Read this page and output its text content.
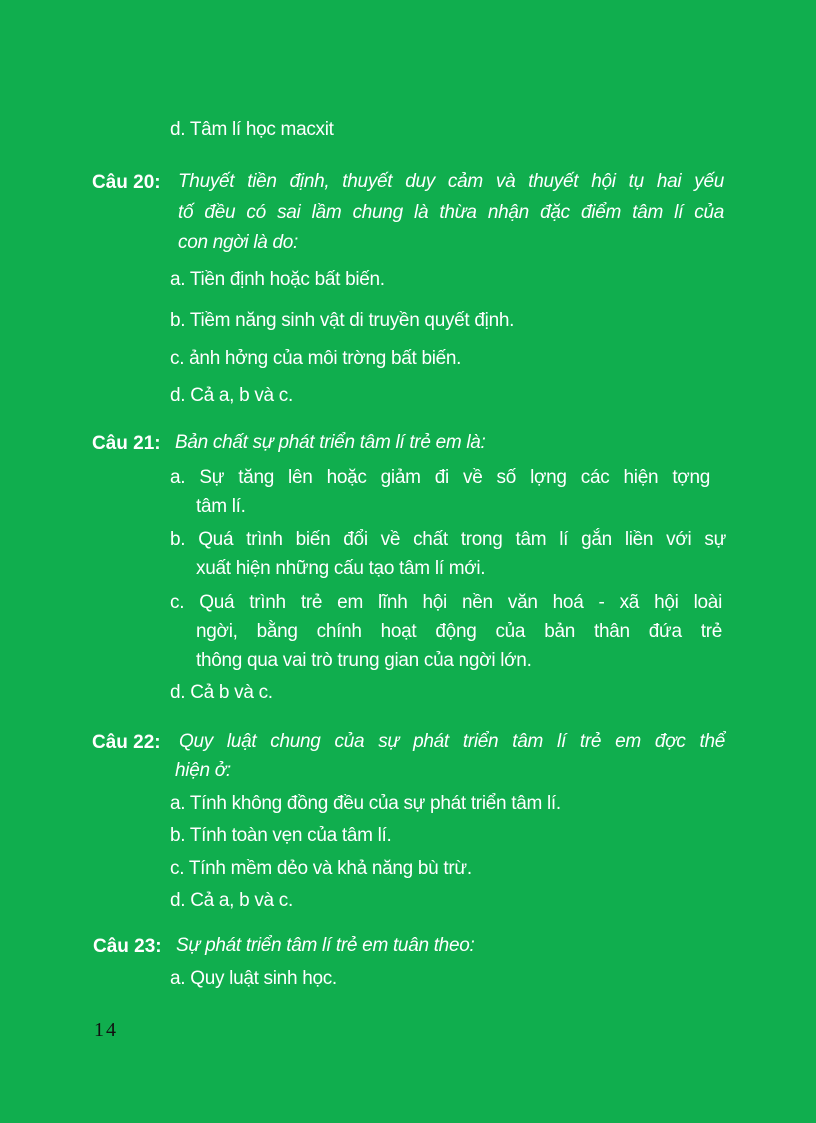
d. Tâm lí học macxit
Câu 20: Thuyết tiền định, thuyết duy cảm và thuyết hội tụ hai yếu
tố đều có sai lầm chung là thừa nhận đặc điểm tâm lí của
con ngời là do:
a. Tiền định hoặc bất biến.
b. Tiềm năng sinh vật di truyền quyết định.
c. ảnh hởng của môi trờng bất biến.
d. Cả a, b và c.
Câu 21: Bản chất sự phát triển tâm lí trẻ em là:
a. Sự tăng lên hoặc giảm đi về số lợng các hiện tợng
tâm lí.
b. Quá trình biến đổi về chất trong tâm lí gắn liền với sự
xuất hiện những cấu tạo tâm lí mới.
c. Quá trình trẻ em lĩnh hội nền văn hoá - xã hội loài
ngời, bằng chính hoạt động của bản thân đứa trẻ
thông qua vai trò trung gian của ngời lớn.
d. Cả b và c.
Câu 22: Quy luật chung của sự phát triển tâm lí trẻ em đợc thể
hiện ở:
a. Tính không đồng đều của sự phát triển tâm lí.
b. Tính toàn vẹn của tâm lí.
c. Tính mềm dẻo và khả năng bù trừ.
d. Cả a, b và c.
Câu 23: Sự phát triển tâm lí trẻ em tuân theo:
a. Quy luật sinh học.
14
